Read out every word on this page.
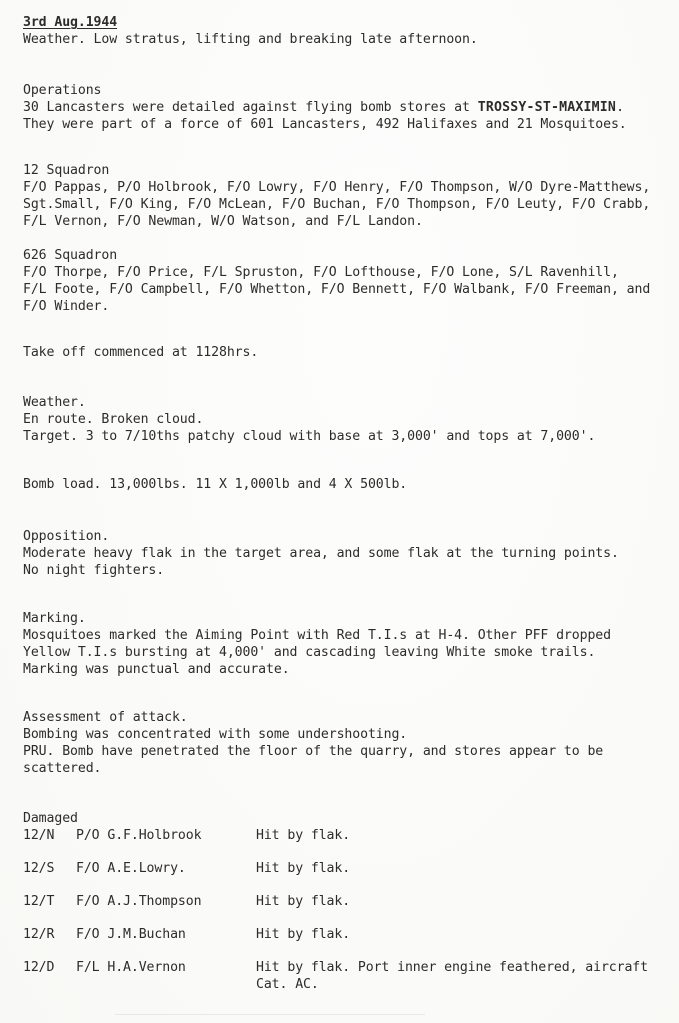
3rd Aug.1944
Weather. Low stratus, lifting and breaking late afternoon.
Operations
30 Lancasters were detailed against flying bomb stores at TROSSY-ST-MAXIMIN.
They were part of a force of 601 Lancasters, 492 Halifaxes and 21 Mosquitoes.
12 Squadron
F/O Pappas, P/O Holbrook, F/O Lowry, F/O Henry, F/O Thompson, W/O Dyre-Matthews,
Sgt.Small, F/O King, F/O McLean, F/O Buchan, F/O Thompson, F/O Leuty, F/O Crabb,
F/L Vernon, F/O Newman, W/O Watson, and F/L Landon.
626 Squadron
F/O Thorpe, F/O Price, F/L Spruston, F/O Lofthouse, F/O Lone, S/L Ravenhill,
F/L Foote, F/O Campbell, F/O Whetton, F/O Bennett, F/O Walbank, F/O Freeman, and
F/O Winder.
Take off commenced at 1128hrs.
Weather.
En route. Broken cloud.
Target. 3 to 7/10ths patchy cloud with base at 3,000' and tops at 7,000'.
Bomb load. 13,000lbs. 11 X 1,000lb and 4 X 500lb.
Opposition.
Moderate heavy flak in the target area, and some flak at the turning points.
No night fighters.
Marking.
Mosquitoes marked the Aiming Point with Red T.I.s at H-4. Other PFF dropped
Yellow T.I.s bursting at 4,000' and cascading leaving White smoke trails.
Marking was punctual and accurate.
Assessment of attack.
Bombing was concentrated with some undershooting.
PRU. Bomb have penetrated the floor of the quarry, and stores appear to be
scattered.
Damaged
12/N	P/O G.F.Holbrook	Hit by flak.
12/S	F/O A.E.Lowry.	Hit by flak.
12/T	F/O A.J.Thompson	Hit by flak.
12/R	F/O J.M.Buchan	Hit by flak.
12/D	F/L H.A.Vernon	Hit by flak. Port inner engine feathered, aircraft Cat. AC.
